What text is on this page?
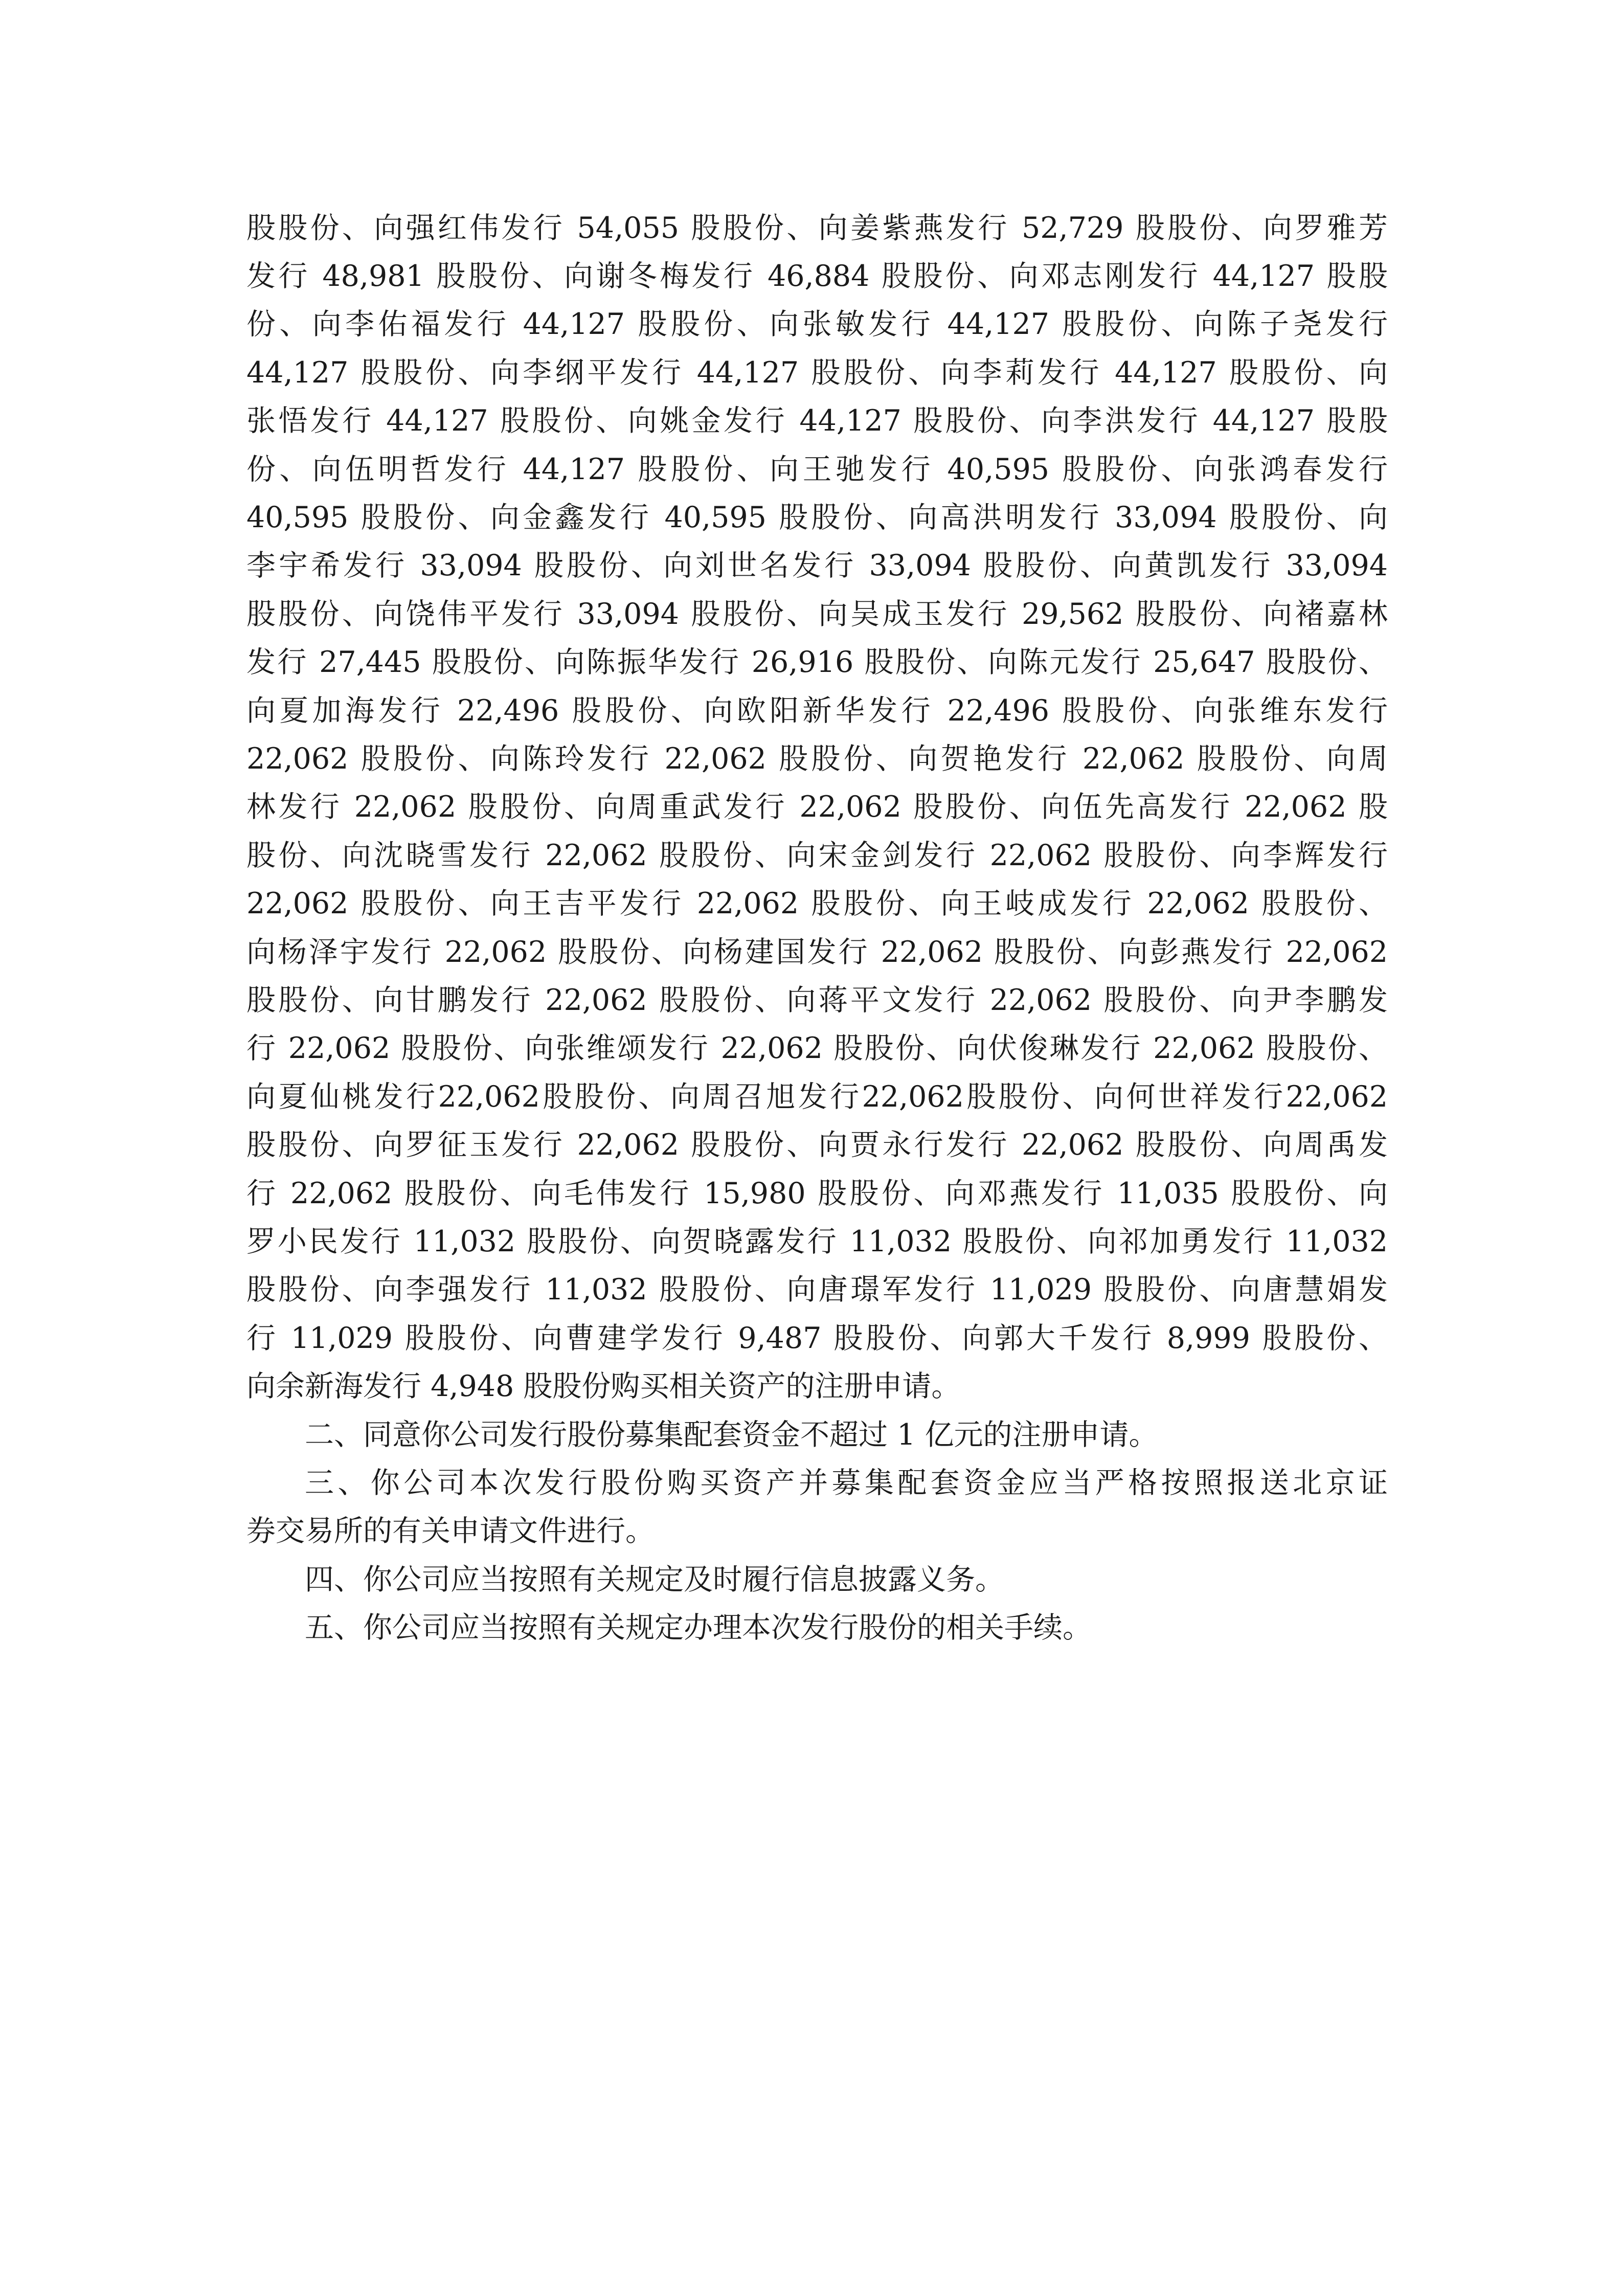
股股份、向强红伟发行 54,055 股股份、向姜紫燕发行 52,729 股股份、向罗雅芳
发行 48,981 股股份、向谢冬梅发行 46,884 股股份、向邓志刚发行 44,127 股股
份、向李佑福发行 44,127 股股份、向张敏发行 44,127 股股份、向陈子尧发行
44,127 股股份、向李纲平发行 44,127 股股份、向李莉发行 44,127 股股份、向
张悟发行 44,127 股股份、向姚金发行 44,127 股股份、向李洪发行 44,127 股股
份、向伍明哲发行 44,127 股股份、向王驰发行 40,595 股股份、向张鸿春发行
40,595 股股份、向金鑫发行 40,595 股股份、向高洪明发行 33,094 股股份、向
李宇希发行 33,094 股股份、向刘世名发行 33,094 股股份、向黄凯发行 33,094
股股份、向饶伟平发行 33,094 股股份、向吴成玉发行 29,562 股股份、向褚嘉林
发行 27,445 股股份、向陈振华发行 26,916 股股份、向陈元发行 25,647 股股份、
向夏加海发行 22,496 股股份、向欧阳新华发行 22,496 股股份、向张维东发行
22,062 股股份、向陈玲发行 22,062 股股份、向贺艳发行 22,062 股股份、向周
林发行 22,062 股股份、向周重武发行 22,062 股股份、向伍先高发行 22,062 股
股份、向沈晓雪发行 22,062 股股份、向宋金剑发行 22,062 股股份、向李辉发行
22,062 股股份、向王吉平发行 22,062 股股份、向王岐成发行 22,062 股股份、
向杨泽宇发行 22,062 股股份、向杨建国发行 22,062 股股份、向彭燕发行 22,062
股股份、向甘鹏发行 22,062 股股份、向蒋平文发行 22,062 股股份、向尹李鹏发
行 22,062 股股份、向张维颂发行 22,062 股股份、向伏俊琳发行 22,062 股股份、
向夏仙桃发行22,062股股份、向周召旭发行22,062股股份、向何世祥发行22,062
股股份、向罗征玉发行 22,062 股股份、向贾永行发行 22,062 股股份、向周禹发
行 22,062 股股份、向毛伟发行 15,980 股股份、向邓燕发行 11,035 股股份、向
罗小民发行 11,032 股股份、向贺晓露发行 11,032 股股份、向祁加勇发行 11,032
股股份、向李强发行 11,032 股股份、向唐璟军发行 11,029 股股份、向唐慧娟发
行 11,029 股股份、向曹建学发行 9,487 股股份、向郭大千发行 8,999 股股份、
向余新海发行 4,948 股股份购买相关资产的注册申请。
二、同意你公司发行股份募集配套资金不超过 1 亿元的注册申请。
三、你公司本次发行股份购买资产并募集配套资金应当严格按照报送北京证
券交易所的有关申请文件进行。
四、你公司应当按照有关规定及时履行信息披露义务。
五、你公司应当按照有关规定办理本次发行股份的相关手续。
